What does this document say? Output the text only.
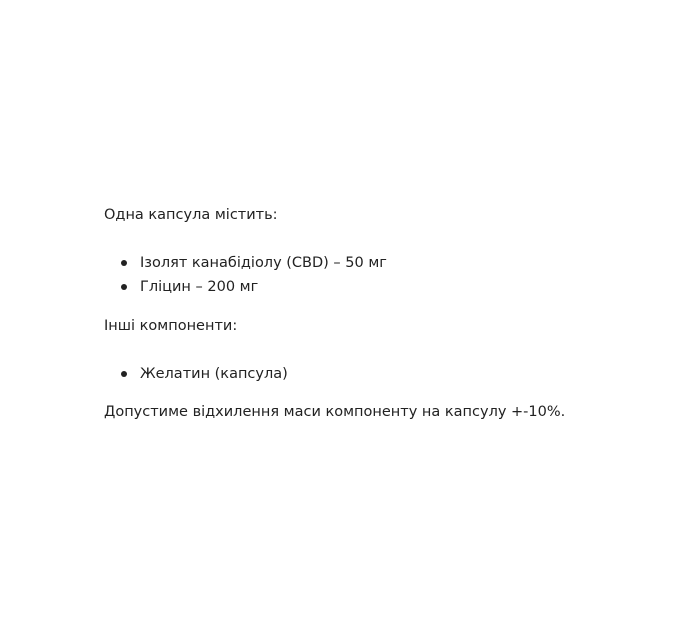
Одна капсула містить:

Ізолят канабідіолу (CBD) – 50 мг
Гліцин – 200 мг

Інші компоненти:

Желатин (капсула)

Допустиме відхилення маси компоненту на капсулу +-10%.
